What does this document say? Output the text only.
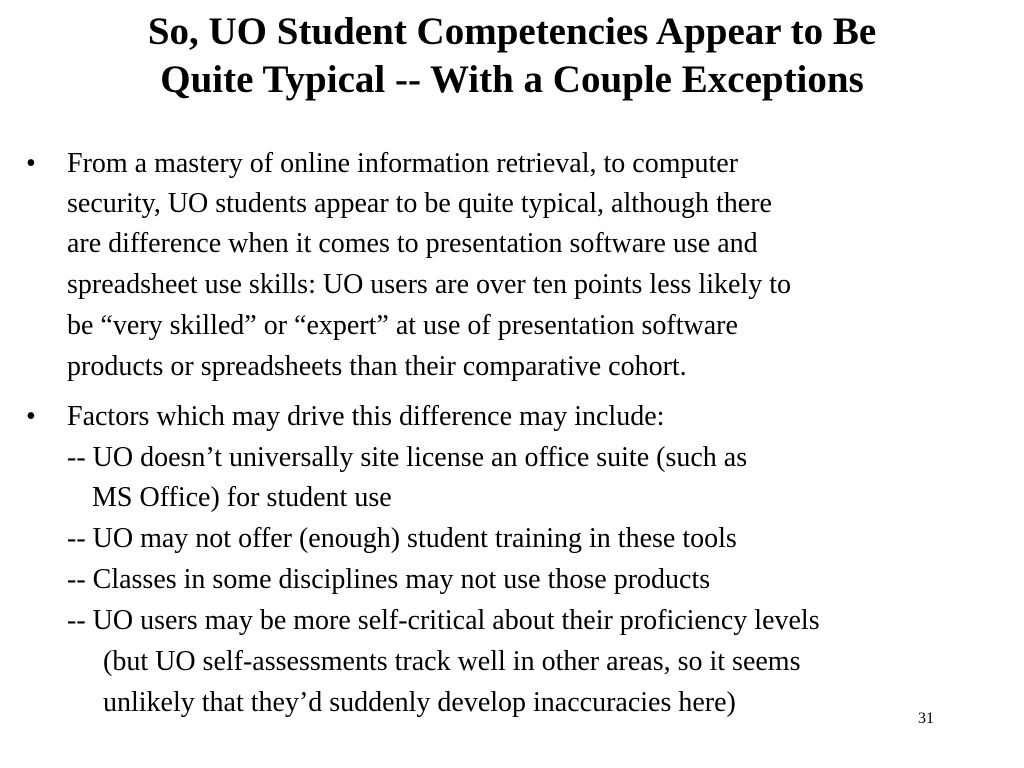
So, UO Student Competencies Appear to Be
Quite Typical -- With a Couple Exceptions
• From a mastery of online information retrieval, to computer
security, UO students appear to be quite typical, although there
are difference when it comes to presentation software use and
spreadsheet use skills: UO users are over ten points less likely to
be “very skilled” or “expert” at use of presentation software
products or spreadsheets than their comparative cohort.
• Factors which may drive this difference may include:
-- UO doesn’t universally site license an office suite (such as
MS Office) for student use
-- UO may not offer (enough) student training in these tools
-- Classes in some disciplines may not use those products
-- UO users may be more self-critical about their proficiency levels
(but UO self-assessments track well in other areas, so it seems
unlikely that they’d suddenly develop inaccuracies here)
31
